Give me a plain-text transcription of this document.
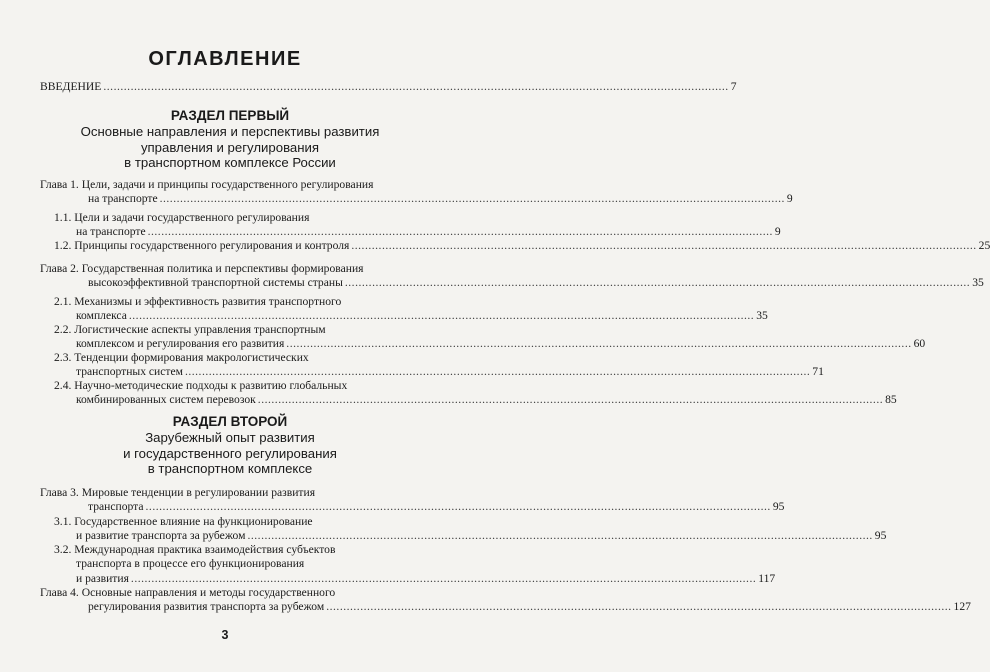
ОГЛАВЛЕНИЕ
ВВЕДЕНИЕ ........................................................................................................................................................................................ 7
РАЗДЕЛ ПЕРВЫЙ
Основные направления и перспективы развития
управления и регулирования
в транспортном комплексе России
Глава 1. Цели, задачи и принципы государственного регулирования
на транспорте ........................................................................................................................................................................................ 9
1.1. Цели и задачи государственного регулирования
на транспорте ........................................................................................................................................................................................ 9
1.2. Принципы государственного регулирования и контроля ........................................................................................................................................................................................ 25
Глава 2. Государственная политика и перспективы формирования
высокоэффективной транспортной системы страны ........................................................................................................................................................................................ 35
2.1. Механизмы и эффективность развития транспортного
комплекса ........................................................................................................................................................................................ 35
2.2. Логистические аспекты управления транспортным
комплексом и регулирования его развития ........................................................................................................................................................................................ 60
2.3. Тенденции формирования макрологистических
транспортных систем ........................................................................................................................................................................................ 71
2.4. Научно-методические подходы к развитию глобальных
комбинированных систем перевозок ........................................................................................................................................................................................ 85
РАЗДЕЛ ВТОРОЙ
Зарубежный опыт развития
и государственного регулирования
в транспортном комплексе
Глава 3. Мировые тенденции в регулировании развития
транспорта ........................................................................................................................................................................................ 95
3.1. Государственное влияние на функционирование
и развитие транспорта за рубежом ........................................................................................................................................................................................ 95
3.2. Международная практика взаимодействия субъектов
транспорта в процессе его функционирования
и развития ........................................................................................................................................................................................ 117
Глава 4. Основные направления и методы государственного
регулирования развития транспорта за рубежом ........................................................................................................................................................................................ 127
3
